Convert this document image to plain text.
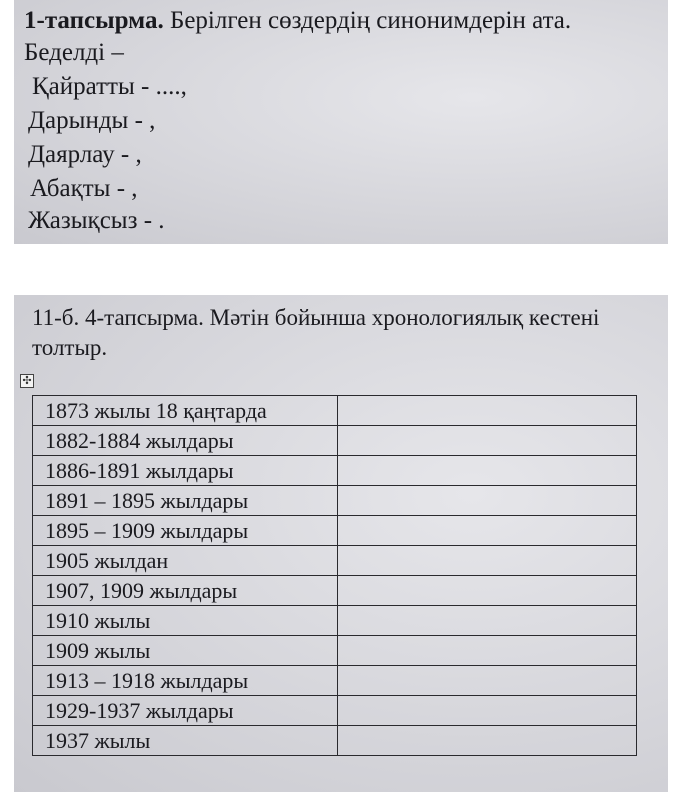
1-тапсырма. Берілген сөздердің синонимдерін ата.
Беделді –
Қайратты - ....,
Дарынды - ,
Даярлау - ,
Абақты - ,
Жазықсыз - .
11-б. 4-тапсырма. Мәтін бойынша хронологиялық кестені толтыр.
✣
1873 жылы 18 қаңтарда	
1882-1884 жылдары	
1886-1891 жылдары	
1891 – 1895 жылдары	
1895 – 1909 жылдары	
1905 жылдан	
1907, 1909 жылдары	
1910 жылы	
1909 жылы	
1913 – 1918 жылдары	
1929-1937 жылдары	
1937 жылы	
